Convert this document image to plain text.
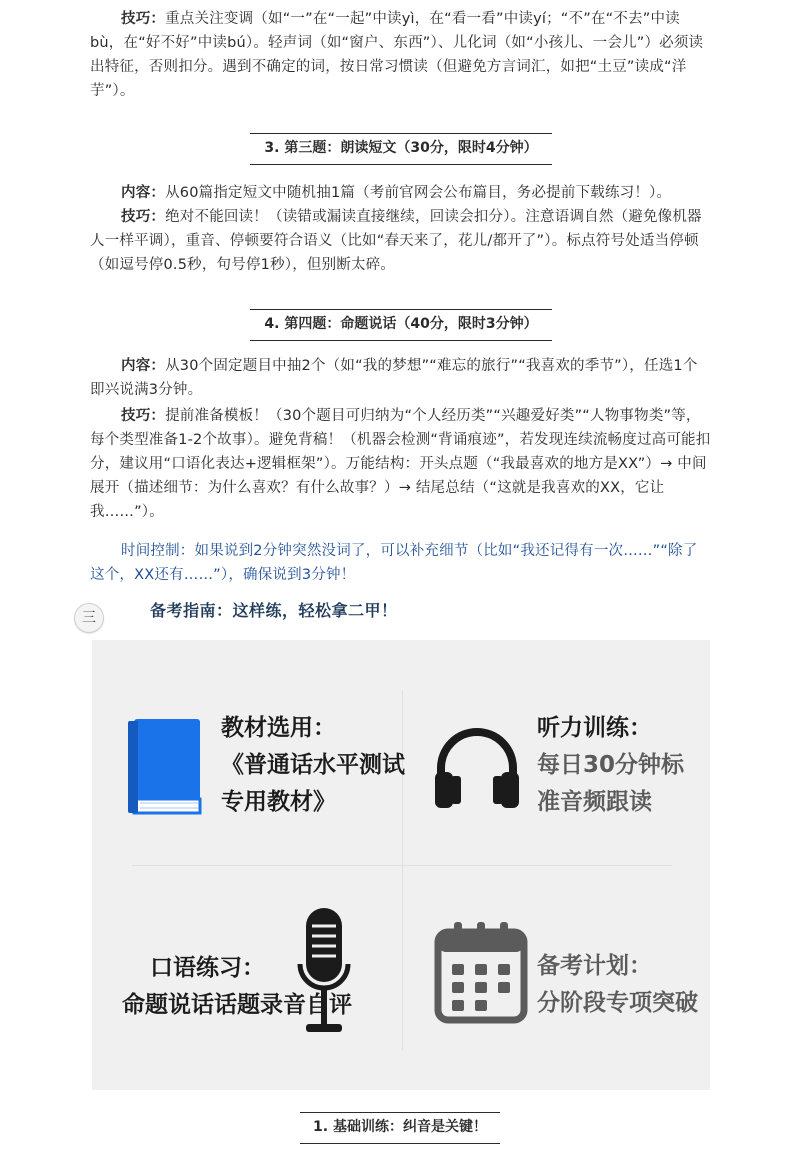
技巧：重点关注变调（如“一”在“一起”中读yì，在“看一看”中读yí；“不”在“不去”中读bù，在“好不好”中读bú）。轻声词（如“窗户、东西”）、儿化词（如“小孩儿、一会儿”）必须读出特征，否则扣分。遇到不确定的词，按日常习惯读（但避免方言词汇，如把“土豆”读成“洋芋”）。

3. 第三题：朗读短文（30分，限时4分钟）

内容：从60篇指定短文中随机抽1篇（考前官网会公布篇目，务必提前下载练习！）。

技巧：绝对不能回读！（读错或漏读直接继续，回读会扣分）。注意语调自然（避免像机器人一样平调），重音、停顿要符合语义（比如“春天来了，花儿/都开了”）。标点符号处适当停顿（如逗号停0.5秒，句号停1秒），但别断太碎。

4. 第四题：命题说话（40分，限时3分钟）

内容：从30个固定题目中抽2个（如“我的梦想”“难忘的旅行”“我喜欢的季节”），任选1个即兴说满3分钟。

技巧：提前准备模板！（30个题目可归纳为“个人经历类”“兴趣爱好类”“人物事物类”等，每个类型准备1-2个故事）。避免背稿！（机器会检测“背诵痕迹”，若发现连续流畅度过高可能扣分，建议用“口语化表达+逻辑框架”）。万能结构：开头点题（“我最喜欢的地方是XX”）→ 中间展开（描述细节：为什么喜欢？有什么故事？）→ 结尾总结（“这就是我喜欢的XX，它让我……”）。

时间控制：如果说到2分钟突然没词了，可以补充细节（比如“我还记得有一次……”“除了这个，XX还有……”），确保说到3分钟！

三	备考指南：这样练，轻松拿二甲！
教材选用：
《普通话水平测试
专用教材》
听力训练：
每日30分钟标
准音频跟读
口语练习：
命题说话话题录音自评
备考计划：
分阶段专项突破
1. 基础训练：纠音是关键！
